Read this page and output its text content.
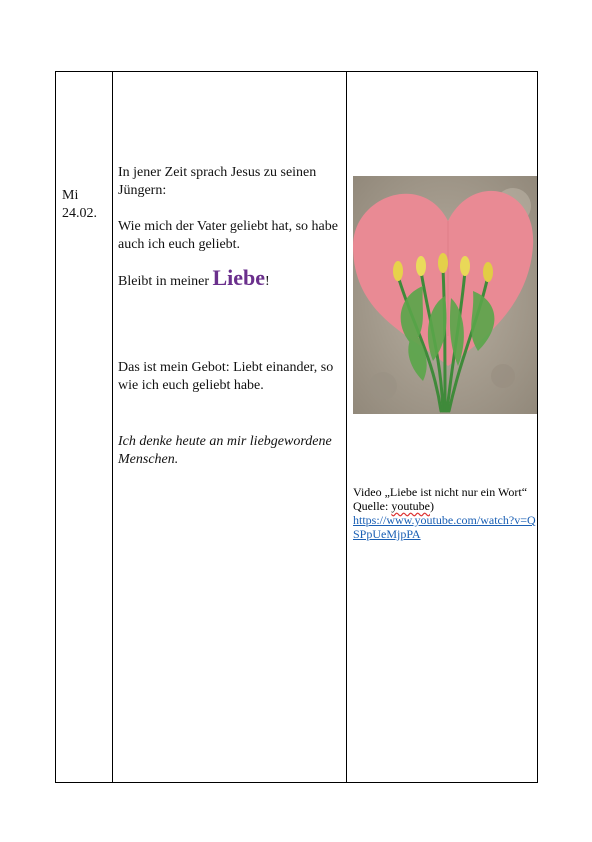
Mi
24.02.

In jener Zeit sprach Jesus zu seinen Jüngern:

Wie mich der Vater geliebt hat, so habe auch ich euch geliebt.

Bleibt in meiner Liebe!

Das ist mein Gebot: Liebt einander, so wie ich euch geliebt habe.

Ich denke heute an mir liebgewordene Menschen.

Video „Liebe ist nicht nur ein Wort“
Quelle: youtube)
https://www.youtube.com/watch?v=QSPpUeMjpPA
